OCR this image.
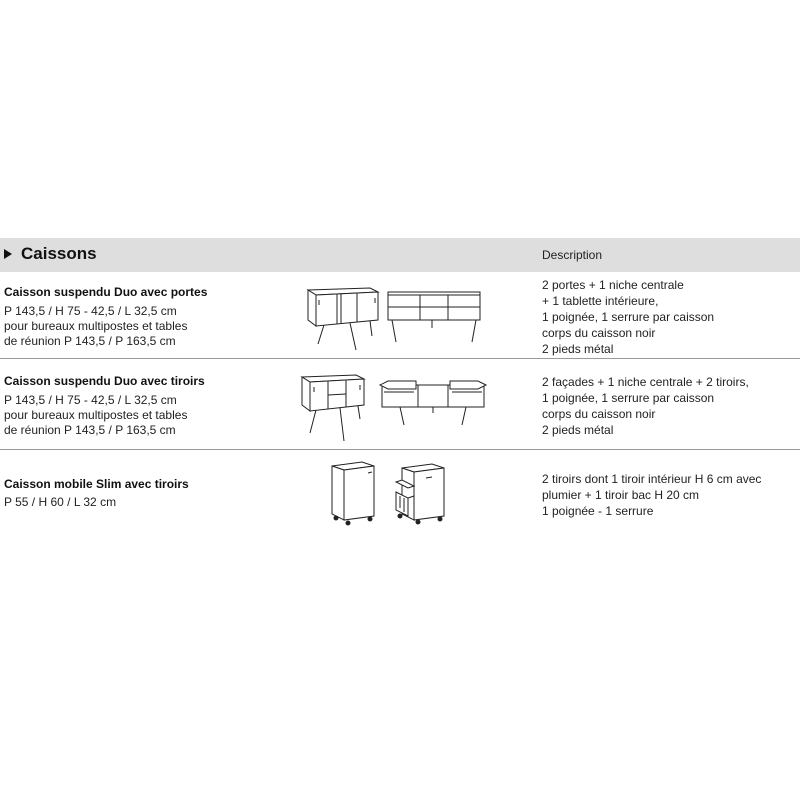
Caissons	Description
Caisson suspendu Duo avec portes
P 143,5 / H 75 - 42,5 / L 32,5 cm
pour bureaux multipostes et tables
de réunion P 143,5 / P 163,5 cm
2 portes + 1 niche centrale
+ 1 tablette intérieure,
1 poignée, 1 serrure par caisson
corps du caisson noir
2 pieds métal
Caisson suspendu Duo avec tiroirs
P 143,5 / H 75 - 42,5 / L 32,5 cm
pour bureaux multipostes et tables
de réunion P 143,5 / P 163,5 cm
2 façades + 1 niche centrale + 2 tiroirs,
1 poignée, 1 serrure par caisson
corps du caisson noir
2 pieds métal
Caisson mobile Slim avec tiroirs
P 55 / H 60 / L 32 cm
2 tiroirs dont 1 tiroir intérieur H 6 cm avec
plumier + 1 tiroir bac H 20 cm
1 poignée - 1 serrure
